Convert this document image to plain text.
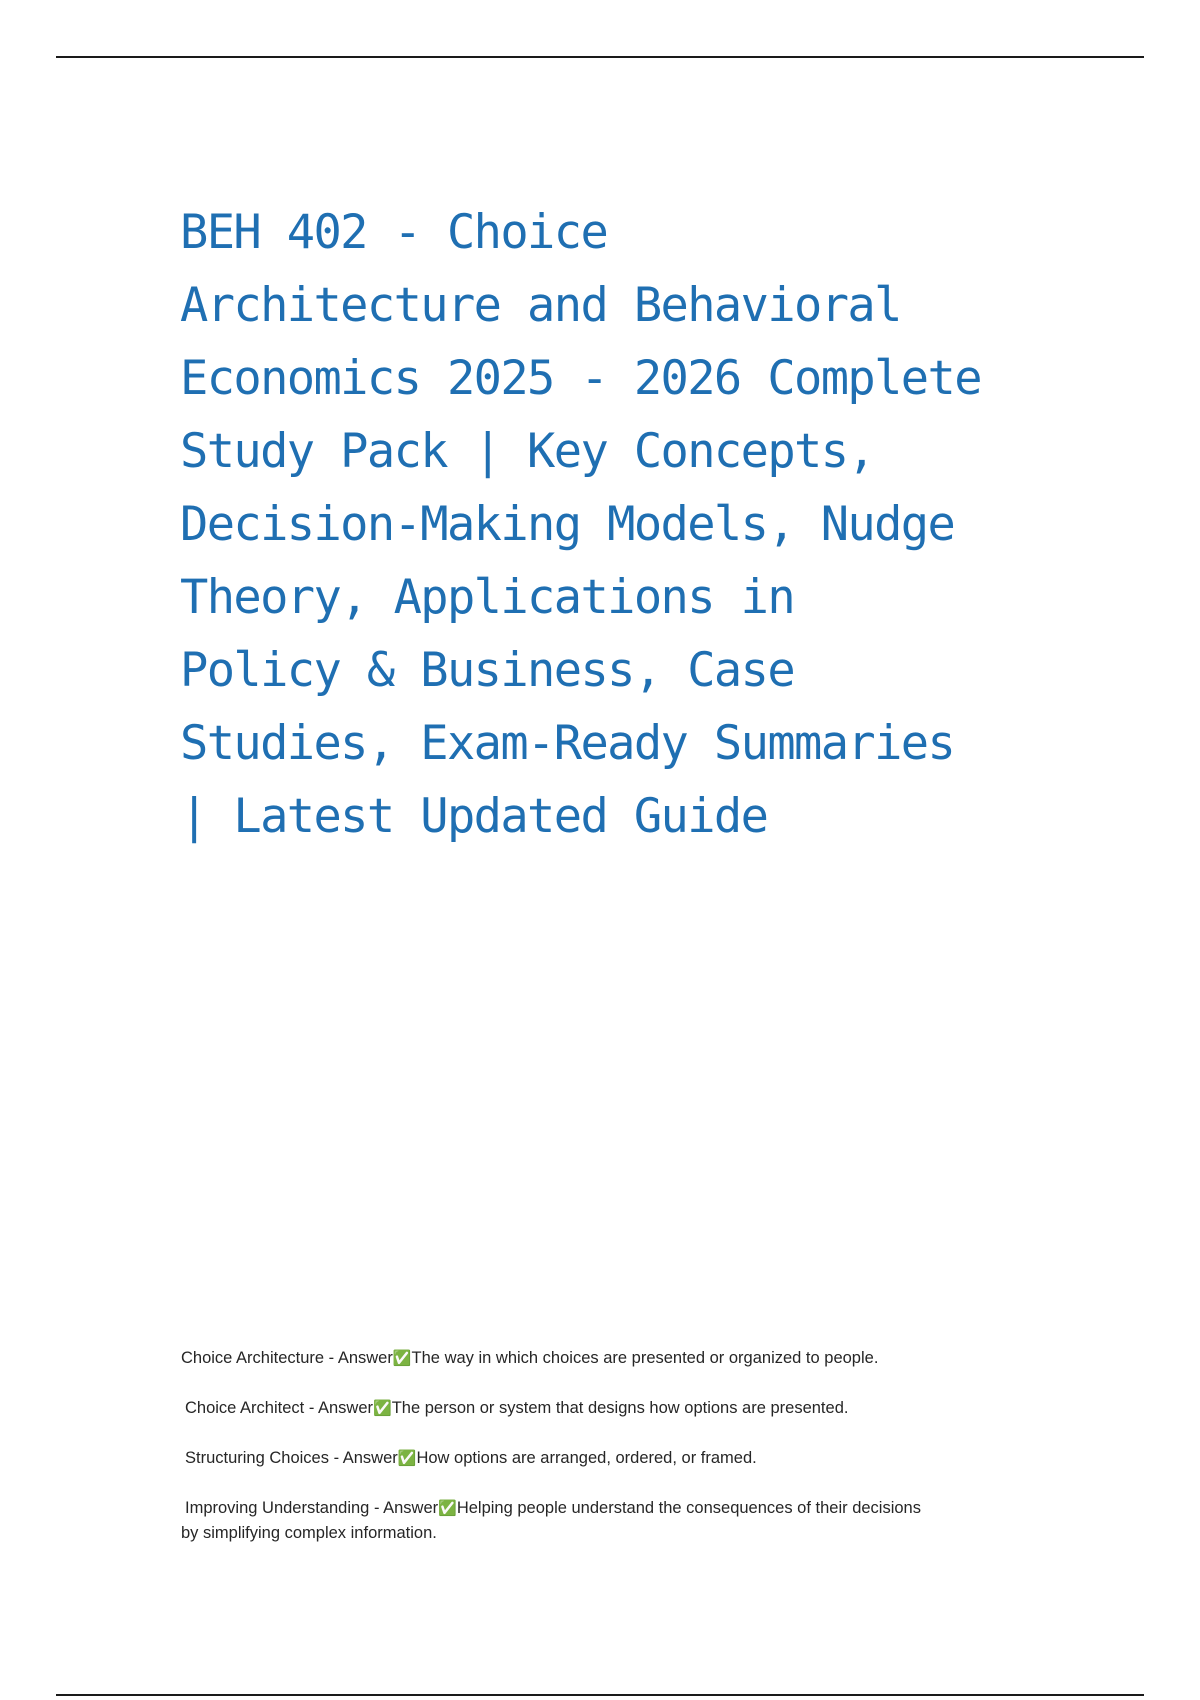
BEH 402 - Choice
Architecture and Behavioral
Economics 2025 - 2026 Complete
Study Pack | Key Concepts,
Decision-Making Models, Nudge
Theory, Applications in
Policy & Business, Case
Studies, Exam-Ready Summaries
| Latest Updated Guide

Choice Architecture - Answer✅The way in which choices are presented or organized to people.

Choice Architect - Answer✅The person or system that designs how options are presented.

Structuring Choices - Answer✅How options are arranged, ordered, or framed.

Improving Understanding - Answer✅Helping people understand the consequences of their decisions
by simplifying complex information.
